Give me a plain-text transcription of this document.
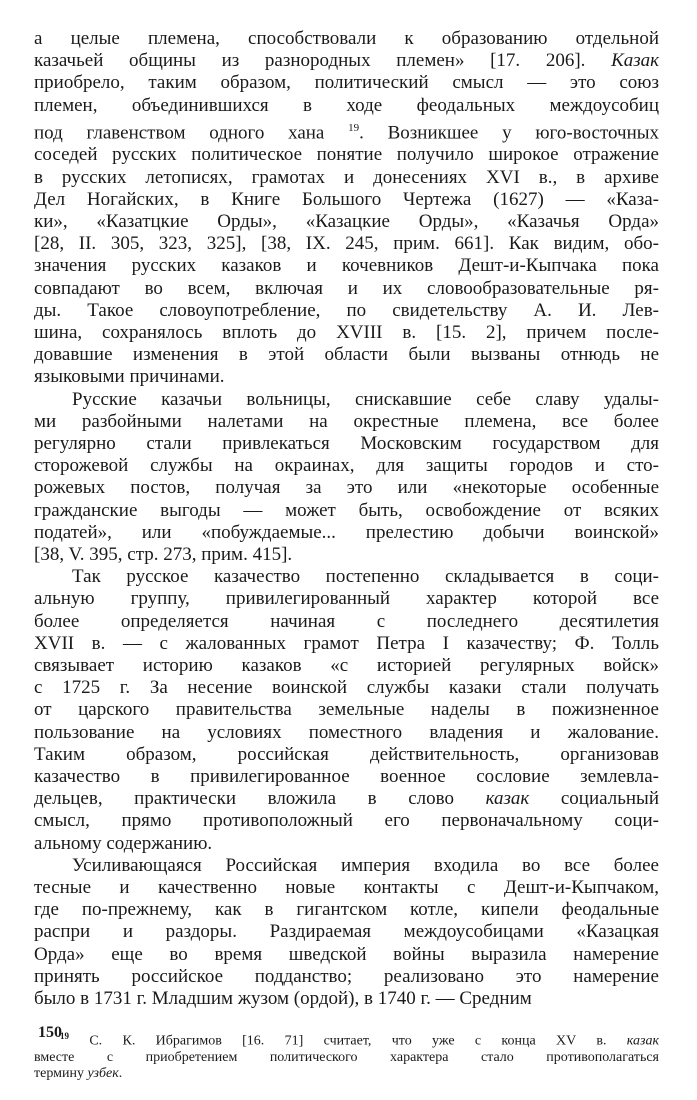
а целые племена, способствовали к образованию отдельной
казачьей общины из разнородных племен» [17. 206]. Казак
приобрело, таким образом, политический смысл — это союз
племен, объединившихся в ходе феодальных междоусобиц
под главенством одного хана $^{19}$. Возникшее у юго-восточных
соседей русских политическое понятие получило широкое отражение
в русских летописях, грамотах и донесениях XVI в., в архиве
Дел Ногайских, в Книге Большого Чертежа (1627) — «Каза-
ки», «Казатцкие Орды», «Казацкие Орды», «Казачья Орда»
[28, II. 305, 323, 325], [38, IX. 245, прим. 661]. Как видим, обо-
значения русских казаков и кочевников Дешт-и-Кыпчака пока
совпадают во всем, включая и их словообразовательные ря-
ды. Такое словоупотребление, по свидетельству А. И. Лев-
шина, сохранялось вплоть до XVIII в. [15. 2], причем после-
довавшие изменения в этой области были вызваны отнюдь не
языковыми причинами.
Русские казачьи вольницы, снискавшие себе славу удалы-
ми разбойными налетами на окрестные племена, все более
регулярно стали привлекаться Московским государством для
сторожевой службы на окраинах, для защиты городов и сто-
рожевых постов, получая за это или «некоторые особенные
гражданские выгоды — может быть, освобождение от всяких
податей», или «побуждаемые... прелестию добычи воинской»
[38, V. 395, стр. 273, прим. 415].
Так русское казачество постепенно складывается в соци-
альную группу, привилегированный характер которой все
более определяется начиная с последнего десятилетия
XVII в. — с жалованных грамот Петра I казачеству; Ф. Толль
связывает историю казаков «с историей регулярных войск»
с 1725 г. За несение воинской службы казаки стали получать
от царского правительства земельные наделы в пожизненное
пользование на условиях поместного владения и жалование.
Таким образом, российская действительность, организовав
казачество в привилегированное военное сословие землевла-
дельцев, практически вложила в слово казак социальный
смысл, прямо противоположный его первоначальному соци-
альному содержанию.
Усиливающаяся Российская империя входила во все более
тесные и качественно новые контакты с Дешт-и-Кыпчаком,
где по-прежнему, как в гигантском котле, кипели феодальные
распри и раздоры. Раздираемая междоусобицами «Казацкая
Орда» еще во время шведской войны выразила намерение
принять российское подданство; реализовано это намерение
было в 1731 г. Младшим жузом (ордой), в 1740 г. — Средним
$^{19}$ С. К. Ибрагимов [16. 71] считает, что уже с конца XV в. казак
вместе с приобретением политического характера стало противополагаться
термину узбек.
150
